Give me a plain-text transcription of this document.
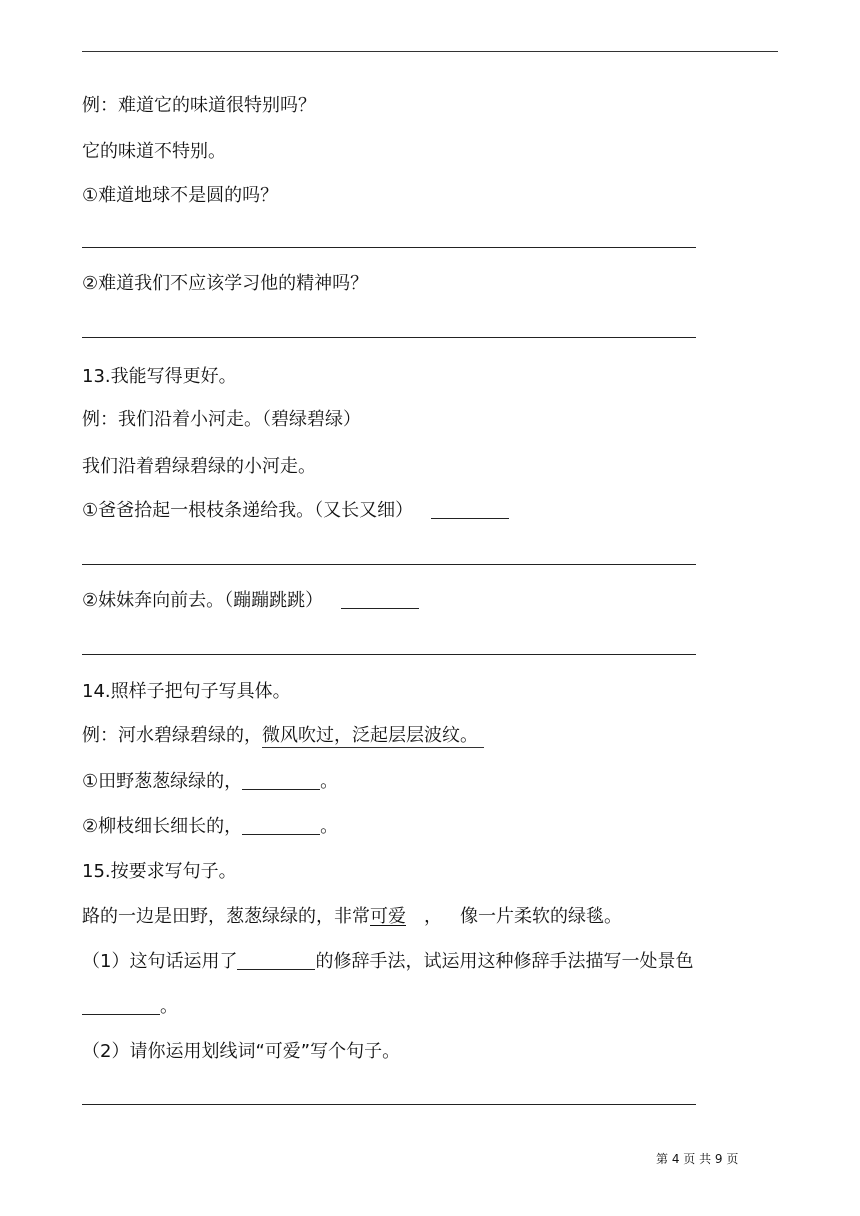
例：难道它的味道很特别吗？
它的味道不特别。
①难道地球不是圆的吗？
②难道我们不应该学习他的精神吗？
13.我能写得更好。
例：我们沿着小河走。（碧绿碧绿）
我们沿着碧绿碧绿的小河走。
①爸爸拾起一根枝条递给我。（又长又细）
②妹妹奔向前去。（蹦蹦跳跳）
14.照样子把句子写具体。
例：河水碧绿碧绿的，微风吹过，泛起层层波纹。
①田野葱葱绿绿的，	。
②柳枝细长细长的，	。
15.按要求写句子。
路的一边是田野，葱葱绿绿的，非常可爱 ， 像一片柔软的绿毯。
（1）这句话运用了	的修辞手法，试运用这种修辞手法描写一处景色
。
（2）请你运用划线词“可爱”写个句子。
第 4 页 共 9 页
